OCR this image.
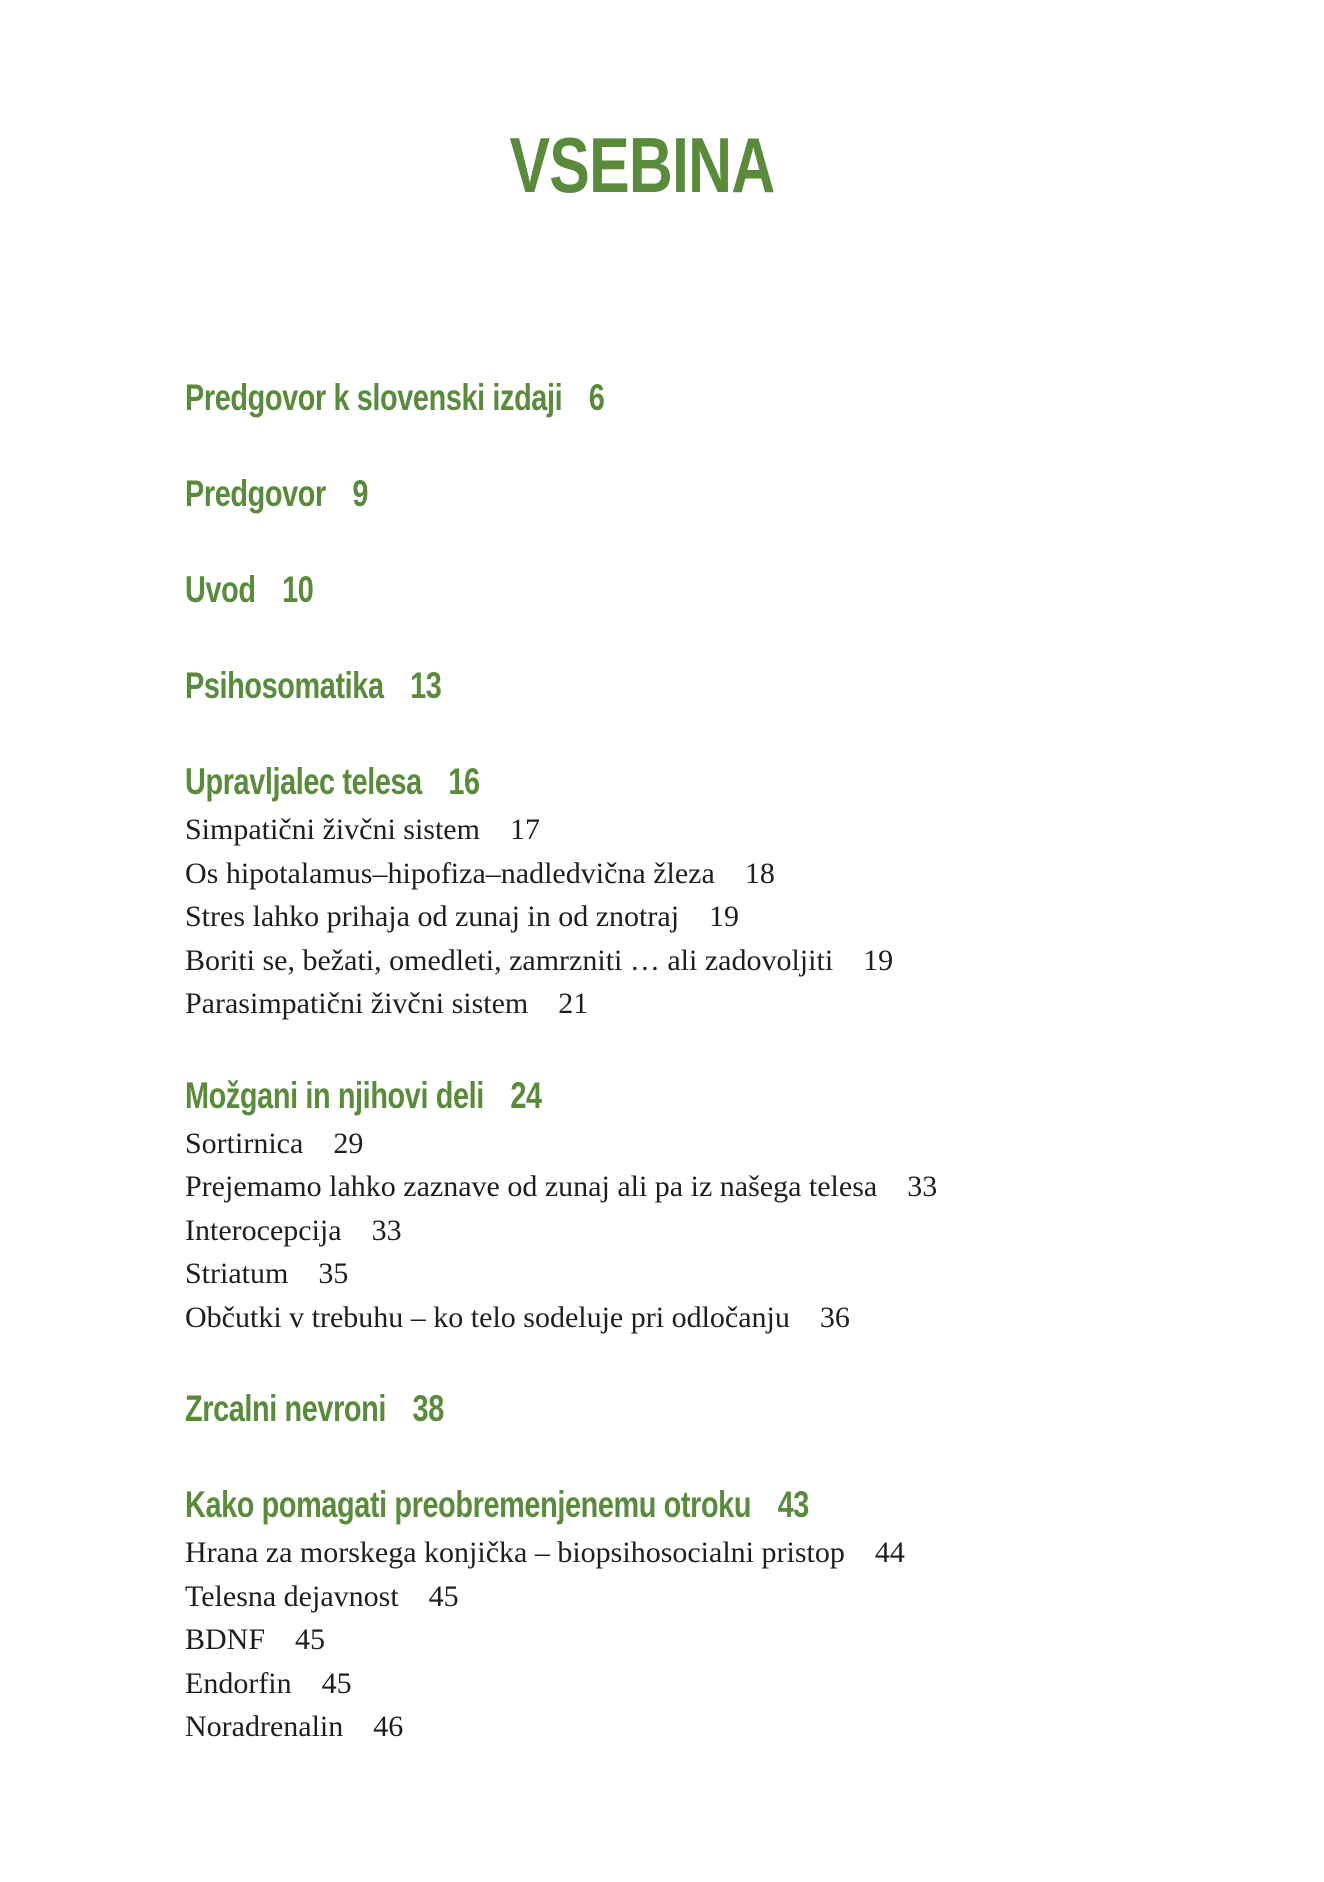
VSEBINA
Predgovor k slovenski izdaji 6
Predgovor 9
Uvod 10
Psihosomatika 13
Upravljalec telesa 16
Simpatični živčni sistem 17
Os hipotalamus–hipofiza–nadledvična žleza 18
Stres lahko prihaja od zunaj in od znotraj 19
Boriti se, bežati, omedleti, zamrzniti … ali zadovoljiti 19
Parasimpatični živčni sistem 21
Možgani in njihovi deli 24
Sortirnica 29
Prejemamo lahko zaznave od zunaj ali pa iz našega telesa 33
Interocepcija 33
Striatum 35
Občutki v trebuhu – ko telo sodeluje pri odločanju 36
Zrcalni nevroni 38
Kako pomagati preobremenjenemu otroku 43
Hrana za morskega konjička – biopsihosocialni pristop 44
Telesna dejavnost 45
BDNF 45
Endorfin 45
Noradrenalin 46
